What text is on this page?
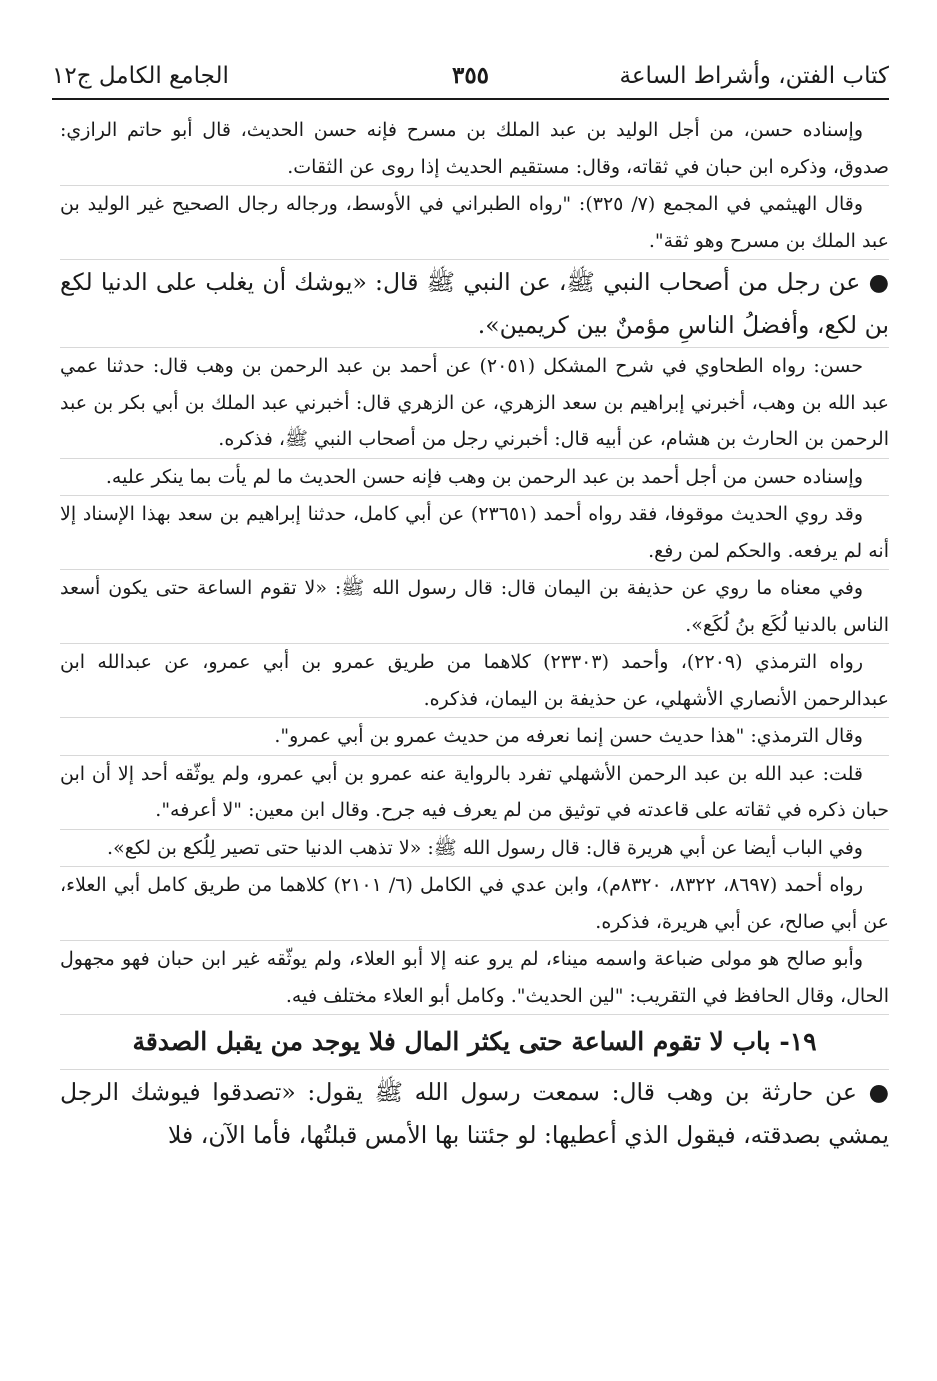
كتاب الفتن، وأشراط الساعة
٣٥٥
الجامع الكامل ج١٢

وإسناده حسن، من أجل الوليد بن عبد الملك بن مسرح فإنه حسن الحديث، قال أبو حاتم الرازي: صدوق، وذكره ابن حبان في ثقاته، وقال: مستقيم الحديث إذا روى عن الثقات.

وقال الهيثمي في المجمع (٧/ ٣٢٥): "رواه الطبراني في الأوسط، ورجاله رجال الصحيح غير الوليد بن عبد الملك بن مسرح وهو ثقة".

● عن رجل من أصحاب النبي ﷺ، عن النبي ﷺ قال: «يوشك أن يغلب على الدنيا لكع بن لكع، وأفضلُ الناسِ مؤمنٌ بين كريمين».

حسن: رواه الطحاوي في شرح المشكل (٢٠٥١) عن أحمد بن عبد الرحمن بن وهب قال: حدثنا عمي عبد الله بن وهب، أخبرني إبراهيم بن سعد الزهري، عن الزهري قال: أخبرني عبد الملك بن أبي بكر بن عبد الرحمن بن الحارث بن هشام، عن أبيه قال: أخبرني رجل من أصحاب النبي ﷺ، فذكره.

وإسناده حسن من أجل أحمد بن عبد الرحمن بن وهب فإنه حسن الحديث ما لم يأت بما ينكر عليه.

وقد روي الحديث موقوفا، فقد رواه أحمد (٢٣٦٥١) عن أبي كامل، حدثنا إبراهيم بن سعد بهذا الإسناد إلا أنه لم يرفعه. والحكم لمن رفع.

وفي معناه ما روي عن حذيفة بن اليمان قال: قال رسول الله ﷺ: «لا تقوم الساعة حتى يكون أسعد الناس بالدنيا لُكَع بنُ لُكَع».

رواه الترمذي (٢٢٠٩)، وأحمد (٢٣٣٠٣) كلاهما من طريق عمرو بن أبي عمرو، عن عبدالله ابن عبدالرحمن الأنصاري الأشهلي، عن حذيفة بن اليمان، فذكره.

وقال الترمذي: "هذا حديث حسن إنما نعرفه من حديث عمرو بن أبي عمرو".

قلت: عبد الله بن عبد الرحمن الأشهلي تفرد بالرواية عنه عمرو بن أبي عمرو، ولم يوثّقه أحد إلا أن ابن حبان ذكره في ثقاته على قاعدته في توثيق من لم يعرف فيه جرح. وقال ابن معين: "لا أعرفه".

وفي الباب أيضا عن أبي هريرة قال: قال رسول الله ﷺ: «لا تذهب الدنيا حتى تصير لِلُكع بن لكع».

رواه أحمد (٨٦٩٧، ٨٣٢٢، ٨٣٢٠م)، وابن عدي في الكامل (٦/ ٢١٠١) كلاهما من طريق كامل أبي العلاء، عن أبي صالح، عن أبي هريرة، فذكره.

وأبو صالح هو مولى ضباعة واسمه ميناء، لم يرو عنه إلا أبو العلاء، ولم يوثّقه غير ابن حبان فهو مجهول الحال، وقال الحافظ في التقريب: "لين الحديث". وكامل أبو العلاء مختلف فيه.

١٩- باب لا تقوم الساعة حتى يكثر المال فلا يوجد من يقبل الصدقة

● عن حارثة بن وهب قال: سمعت رسول الله ﷺ يقول: «تصدقوا فيوشك الرجل يمشي بصدقته، فيقول الذي أعطيها: لو جئتنا بها الأمس قبلتُها، فأما الآن، فلا
